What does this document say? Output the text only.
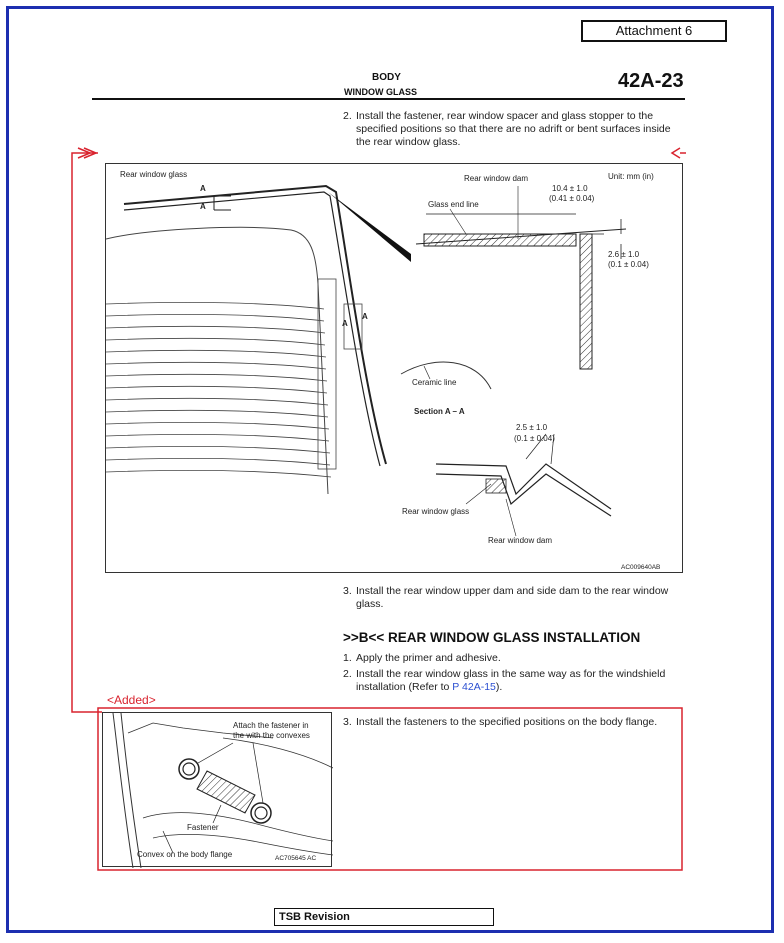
Attachment 6
BODY
WINDOW GLASS	42A-23
2. Install the fastener, rear window spacer and glass stopper to the specified positions so that there are no adrift or bent surfaces inside the rear window glass.
Rear window glass
A
A
A
A
Rear window dam	Unit: mm (in)
10.4 ± 1.0
(0.41 ± 0.04)
Glass end line
2.6 ± 1.0
(0.1 ± 0.04)
Ceramic line
Section A – A
2.5 ± 1.0
(0.1 ± 0.04)
Rear window glass
Rear window dam
AC009640AB
3. Install the rear window upper dam and side dam to the rear window glass.
>>B<< REAR WINDOW GLASS INSTALLATION
1. Apply the primer and adhesive.
2. Install the rear window glass in the same way as for the windshield installation (Refer to P 42A-15).
<Added>
3. Install the fasteners to the specified positions on the body flange.
Attach the fastener in
the with the convexes
Fastener
Convex on the body flange	AC705645 AC
TSB Revision
